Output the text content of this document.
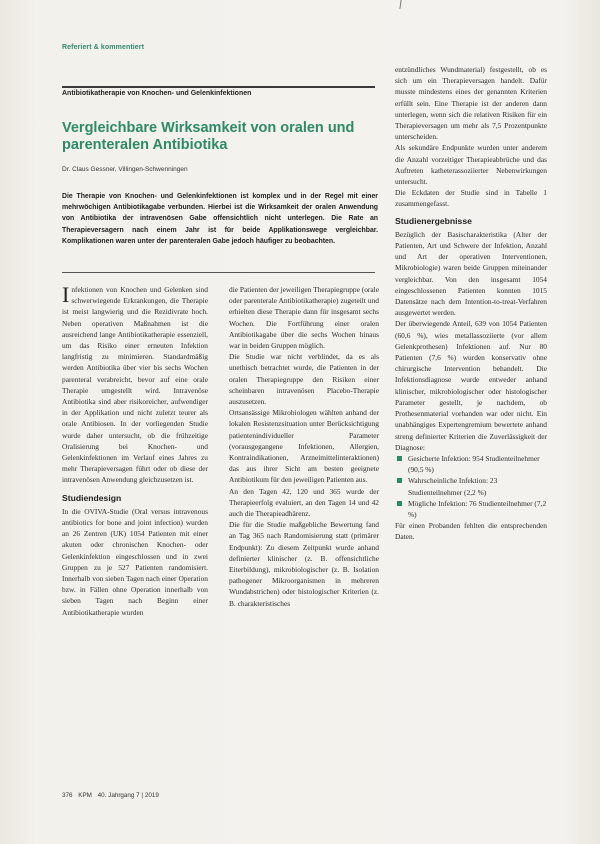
Referiert & kommentiert
Antibiotikatherapie von Knochen- und Gelenkinfektionen
Vergleichbare Wirksamkeit von oralen und parenteralen Antibiotika
Dr. Claus Gessner, Villingen-Schwenningen
Die Therapie von Knochen- und Gelenkinfektionen ist komplex und in der Regel mit einer mehrwöchigen Antibiotikagabe verbunden. Hierbei ist die Wirksamkeit der oralen Anwendung von Antibiotika der intravenösen Gabe offensichtlich nicht unterlegen. Die Rate an Therapieversagern nach einem Jahr ist für beide Applikationswege vergleichbar. Komplikationen waren unter der parenteralen Gabe jedoch häufiger zu beobachten.

Infektionen von Knochen und Gelenken sind schwerwiegende Erkrankungen, die Therapie ist meist langwierig und die Rezidivrate hoch. Neben operativen Maßnahmen ist die ausreichend lange Antibiotikatherapie essenziell, um das Risiko einer erneuten Infektion langfristig zu minimieren. Standardmäßig werden Antibiotika über vier bis sechs Wochen parenteral verabreicht, bevor auf eine orale Therapie umgestellt wird. Intravenöse Antibiotika sind aber risikoreicher, aufwendiger in der Applikation und nicht zuletzt teurer als orale Antibiosen. In der vorliegenden Studie wurde daher untersucht, ob die frühzeitige Oralisierung bei Knochen- und Gelenkinfektionen im Verlauf eines Jahres zu mehr Therapieversagen führt oder ob diese der intravenösen Anwendung gleichzusetzen ist.

Studiendesign

In die OVIVA-Studie (Oral versus intravenous antibiotics for bone and joint infection) wurden an 26 Zentren (UK) 1054 Patienten mit einer akuten oder chronischen Knochen- oder Gelenkinfektion eingeschlossen und in zwei Gruppen zu je 527 Patienten randomisiert. Innerhalb von sieben Tagen nach einer Operation bzw. in Fällen ohne Operation innerhalb von sieben Tagen nach Beginn einer Antibiotikatherapie wurden

die Patienten der jeweiligen Therapiegruppe (orale oder parenterale Antibiotikatherapie) zugeteilt und erhielten diese Therapie dann für insgesamt sechs Wochen. Die Fortführung einer oralen Antibiotikagabe über die sechs Wochen hinaus war in beiden Gruppen möglich.

Die Studie war nicht verblindet, da es als unethisch betrachtet wurde, die Patienten in der oralen Therapiegruppe den Risiken einer scheinbaren intravenösen Placebo-Therapie auszusetzen.

Ortsansässige Mikrobiologen wählten anhand der lokalen Resistenzsituation unter Berücksichtigung patientenindividueller Parameter (vorausgegangene Infektionen, Allergien, Kontraindikationen, Arzneimittelinteraktionen) das aus ihrer Sicht am besten geeignete Antibiotikum für den jeweiligen Patienten aus.

An den Tagen 42, 120 und 365 wurde der Therapieerfolg evaluiert, an den Tagen 14 und 42 auch die Therapieadhärenz.

Die für die Studie maßgebliche Bewertung fand an Tag 365 nach Randomisierung statt (primärer Endpunkt): Zu diesem Zeitpunkt wurde anhand definierter klinischer (z. B. offensichtliche Eiterbildung), mikrobiologischer (z. B. Isolation pathogener Mikroorganismen in mehreren Wundabstrichen) oder histologischer Kriterien (z. B. charakteristisches

entzündliches Wundmaterial) festgestellt, ob es sich um ein Therapieversagen handelt. Dafür musste mindestens eines der genannten Kriterien erfüllt sein. Eine Therapie ist der anderen dann unterlegen, wenn sich die relativen Risiken für ein Therapieversagen um mehr als 7,5 Prozentpunkte unterscheiden.

Als sekundäre Endpunkte wurden unter anderem die Anzahl vorzeitiger Therapieabbrüche und das Auftreten katheterassoziierter Nebenwirkungen untersucht.

Die Eckdaten der Studie sind in Tabelle 1 zusammengefasst.

Studienergebnisse

Bezüglich der Basischarakteristika (Alter der Patienten, Art und Schwere der Infektion, Anzahl und Art der operativen Interventionen, Mikrobiologie) waren beide Gruppen miteinander vergleichbar. Von den insgesamt 1054 eingeschlossenen Patienten konnten 1015 Datensätze nach dem Intention-to-treat-Verfahren ausgewertet werden.

Der überwiegende Anteil, 639 von 1054 Patienten (60,6 %), wies metallassoziierte (vor allem Gelenkprothesen) Infektionen auf. Nur 80 Patienten (7,6 %) wurden konservativ ohne chirurgische Intervention behandelt. Die Infektionsdiagnose wurde entweder anhand klinischer, mikrobiologischer oder histologischer Parameter gestellt, je nachdem, ob Prothesenmaterial vorhanden war oder nicht. Ein unabhängiges Expertengremium bewertete anhand streng definierter Kriterien die Zuverlässigkeit der Diagnose:

Gesicherte Infektion: 954 Studienteilnehmer (90,5 %)
Wahrscheinliche Infektion: 23 Studienteilnehmer (2,2 %)
Mögliche Infektion: 76 Studienteilnehmer (7,2 %)

Für einen Probanden fehlten die entsprechenden Daten.

376 KPM 40. Jahrgang 7 | 2019
